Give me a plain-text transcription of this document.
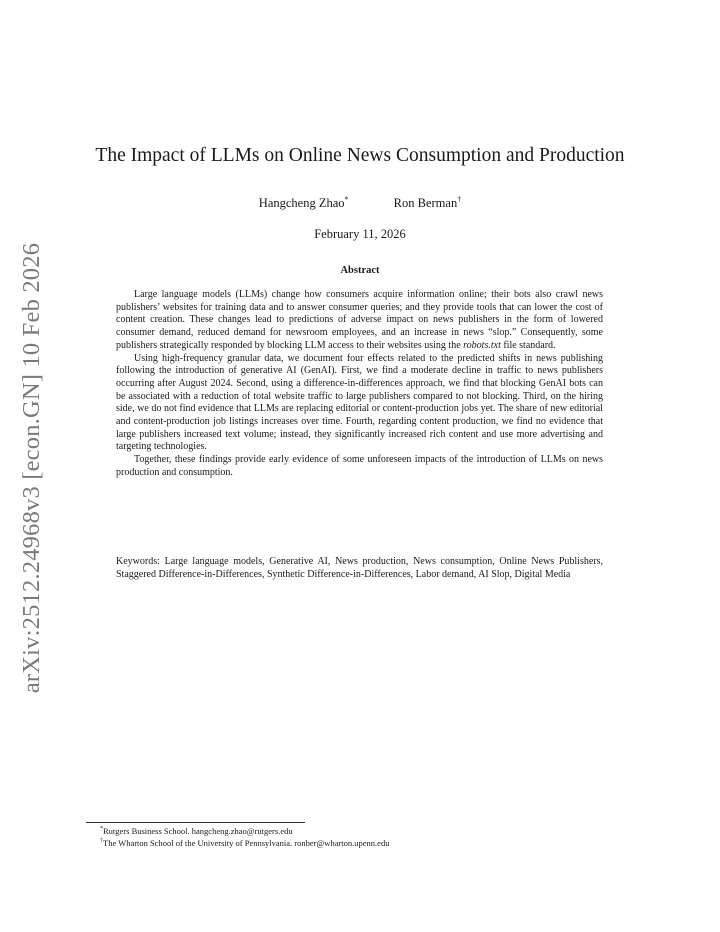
arXiv:2512.24968v3 [econ.GN] 10 Feb 2026
The Impact of LLMs on Online News Consumption and Production
Hangcheng Zhao*	Ron Berman†
February 11, 2026
Abstract

Large language models (LLMs) change how consumers acquire information online; their bots also crawl news publishers’ websites for training data and to answer consumer queries; and they provide tools that can lower the cost of content creation. These changes lead to predictions of adverse impact on news publishers in the form of lowered consumer demand, reduced demand for newsroom employees, and an increase in news “slop.” Consequently, some publishers strategically responded by blocking LLM access to their websites using the robots.txt file standard.

Using high-frequency granular data, we document four effects related to the predicted shifts in news publishing following the introduction of generative AI (GenAI). First, we find a moderate decline in traffic to news publishers occurring after August 2024. Second, using a difference-in-differences approach, we find that blocking GenAI bots can be associated with a reduction of total website traffic to large publishers compared to not blocking. Third, on the hiring side, we do not find evidence that LLMs are replacing editorial or content-production jobs yet. The share of new editorial and content-production job listings increases over time. Fourth, regarding content production, we find no evidence that large publishers increased text volume; instead, they significantly increased rich content and use more advertising and targeting technologies.

Together, these findings provide early evidence of some unforeseen impacts of the introduction of LLMs on news production and consumption.

Keywords: Large language models, Generative AI, News production, News consumption, Online News Publishers, Staggered Difference-in-Differences, Synthetic Difference-in-Differences, Labor demand, AI Slop, Digital Media
*Rutgers Business School. hangcheng.zhao@rutgers.edu
†The Wharton School of the University of Pennsylvania. ronber@wharton.upenn.edu
